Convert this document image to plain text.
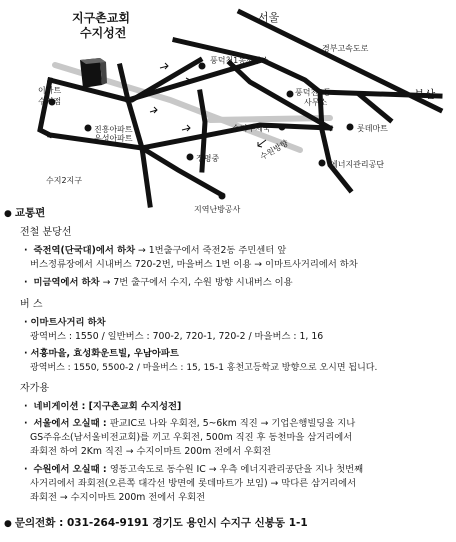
지구촌교회
수지성전
서울
부산
경부고속도로
풍덕천1동사무소
풍덕천2동
사무소
이마트
수지점
진흥아파트
우성아파트
수지우체국	롯데마트
정평중
에너지관리공단
수원방향
수지2지구
지역난방공사
● 교통편
전철 분당선
· 죽전역(단국대)에서 하차 → 1번출구에서 죽전2동 주민센터 앞
버스정류장에서 시내버스 720-2번, 마을버스 1번 이용 → 이마트사거리에서 하차
· 미금역에서 하차 → 7번 출구에서 수지, 수원 방향 시내버스 이용
버 스
· 이마트사거리 하차
광역버스 : 1550 / 일반버스 : 700-2, 720-1, 720-2 / 마을버스 : 1, 16
· 서홍마을, 효성화운트빌, 우남아파트
광역버스 : 1550, 5500-2 / 마을버스 : 15, 15-1 홍천고등학교 방향으로 오시면 됩니다.
자가용
· 네비게이션 : [지구촌교회 수지성전]
· 서울에서 오실때 : 판교IC로 나와 우회전, 5~6km 직진 → 기업은행빌딩을 지나
GS주유소(남서울비전교회)를 끼고 우회전, 500m 직진 후 동천마을 삼거리에서
좌회전 하여 2Km 직진 → 수지이마트 200m 전에서 우회전
· 수원에서 오실때 : 영동고속도로 동수원 IC → 우측 에너지관리공단을 지나 첫번째
사거리에서 좌회전(오른쪽 대각선 방면에 롯데마트가 보임) → 막다른 삼거리에서
좌회전 → 수지이마트 200m 전에서 우회전
● 문의전화 : 031-264-9191 경기도 용인시 수지구 신봉동 1-1
